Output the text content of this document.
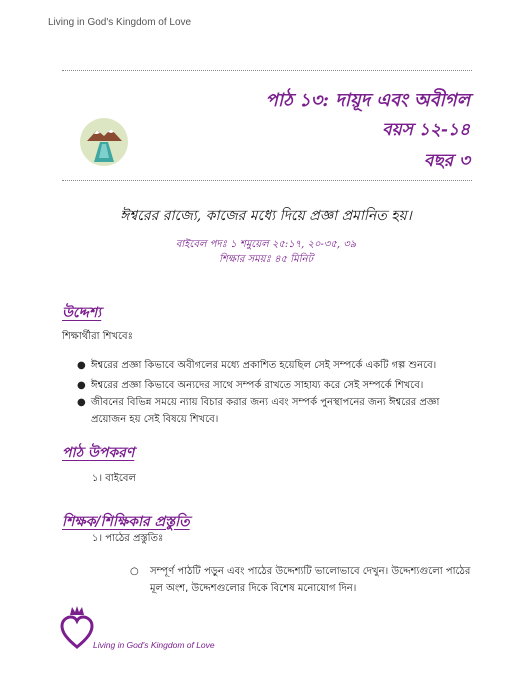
Living in God's Kingdom of Love
পাঠ ১৩: দায়ূদ এবং অবীগল
বয়স ১২-১৪
বছর ৩
ঈশ্বরের রাজ্যে, কাজের মধ্যে দিয়ে প্রজ্ঞা প্রমানিত হয়।
বাইবেল পদঃ ১ শমুয়েল ২৫:১৭, ২০-৩৫, ৩৯
শিক্ষার সময়ঃ ৪৫ মিনিট
উদ্দেশ্য
শিক্ষার্থীরা শিখবেঃ
● ঈশ্বরের প্রজ্ঞা কিভাবে অবীগলের মধ্যে প্রকাশিত হয়েছিল সেই সম্পর্কে একটি গল্প শুনবে।
● ঈশ্বরের প্রজ্ঞা কিভাবে অন্যদের সাথে সম্পর্ক রাখতে সাহায্য করে সেই সম্পর্কে শিখবে।
● জীবনের বিভিন্ন সময়ে ন্যায় বিচার করার জন্য এবং সম্পর্ক পুনস্থাপনের জন্য ঈশ্বরের প্রজ্ঞা প্রয়োজন হয় সেই বিষয়ে শিখবে।
পাঠ উপকরণ
১। বাইবেল
শিক্ষক/শিক্ষিকার প্রস্তুতি
১। পাঠের প্রস্তুতিঃ
○ সম্পূর্ণ পাঠটি পড়ুন এবং পাঠের উদ্দেশ্যটি ভালোভাবে দেখুন। উদ্দেশ্যগুলো পাঠের মূল অংশ, উদ্দেশগুলোর দিকে বিশেষ মনোযোগ দিন।
Living in God's Kingdom of Love
